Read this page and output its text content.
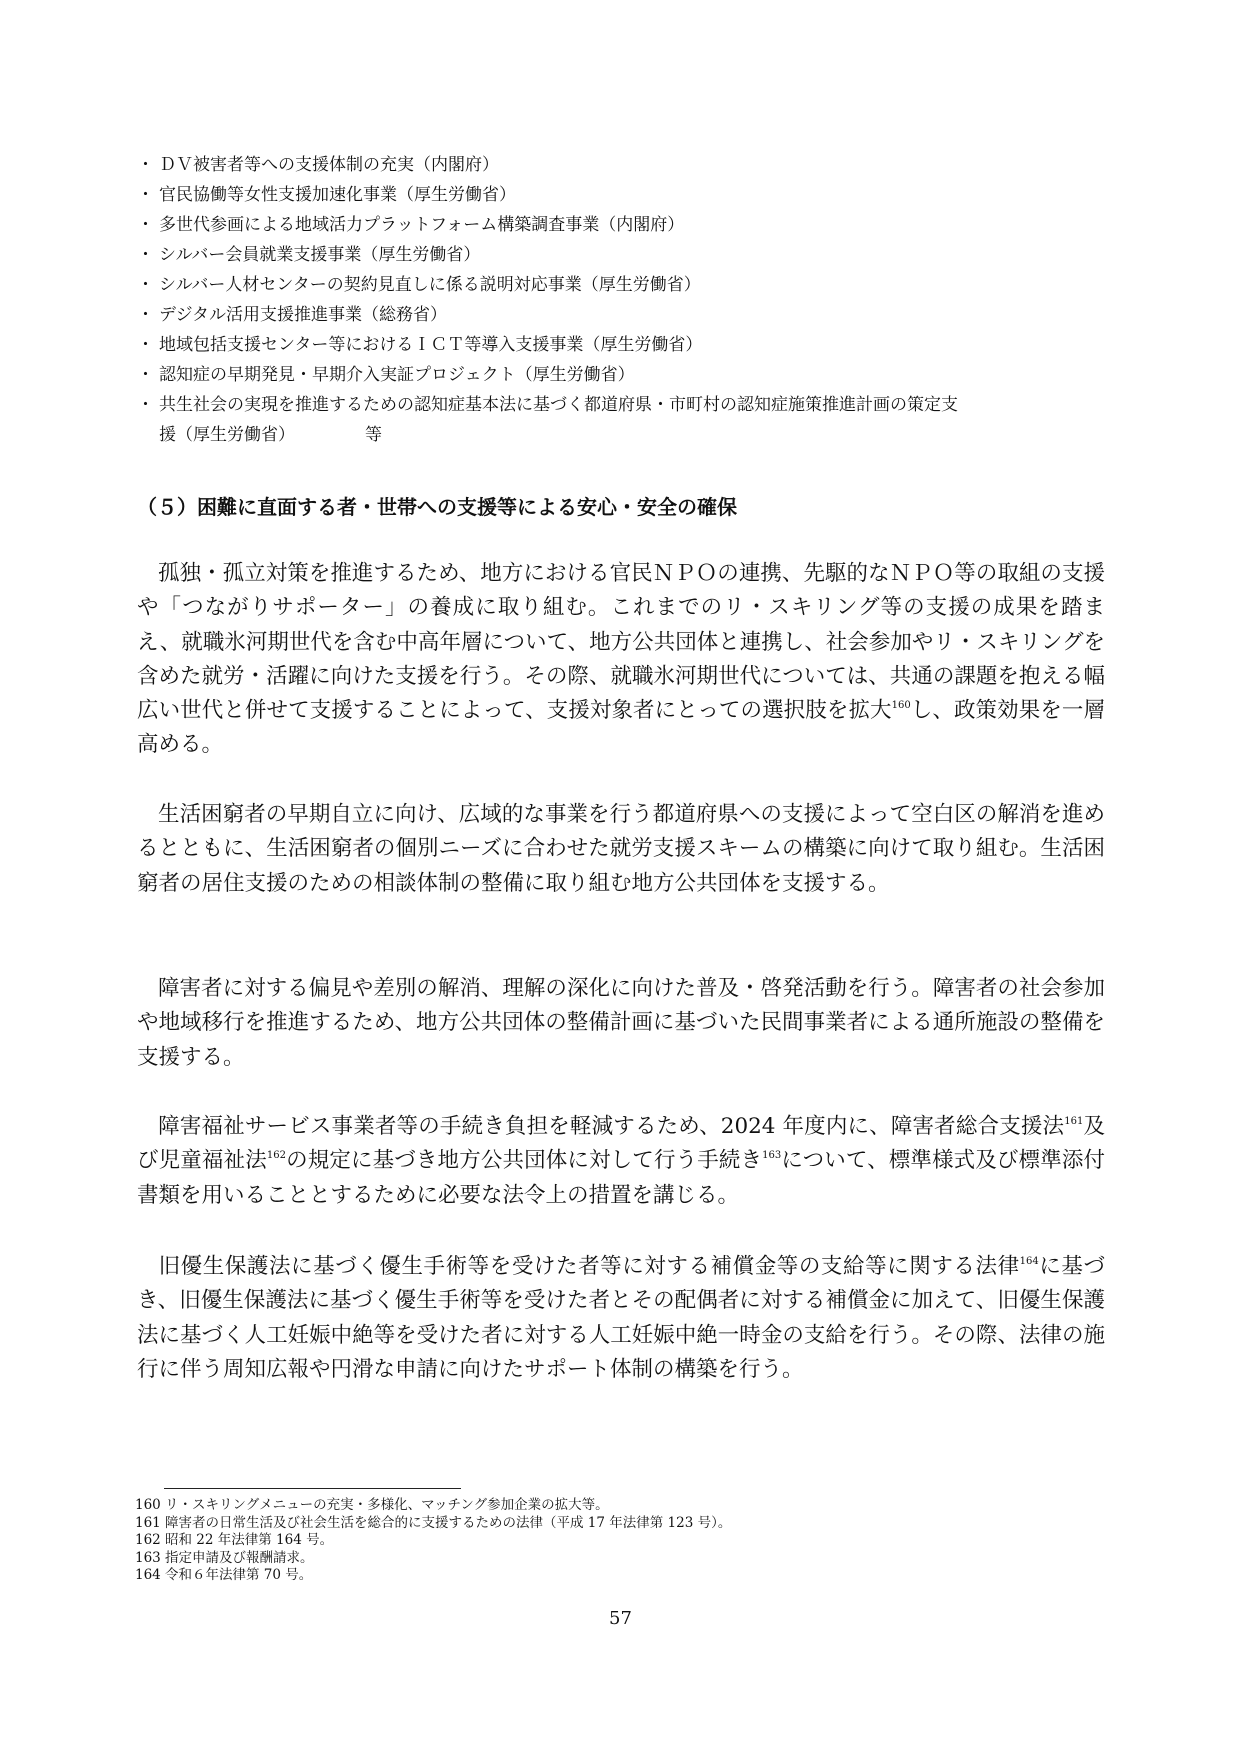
・ ＤＶ被害者等への支援体制の充実（内閣府）
・ 官民協働等女性支援加速化事業（厚生労働省）
・ 多世代参画による地域活力プラットフォーム構築調査事業（内閣府）
・ シルバー会員就業支援事業（厚生労働省）
・ シルバー人材センターの契約見直しに係る説明対応事業（厚生労働省）
・ デジタル活用支援推進事業（総務省）
・ 地域包括支援センター等におけるＩＣＴ等導入支援事業（厚生労働省）
・ 認知症の早期発見・早期介入実証プロジェクト（厚生労働省）
・ 共生社会の実現を推進するための認知症基本法に基づく都道府県・市町村の認知症施策推進計画の策定支
援（厚生労働省）	等
（５）困難に直面する者・世帯への支援等による安心・安全の確保

孤独・孤立対策を推進するため、地方における官民ＮＰＯの連携、先駆的なＮＰＯ等の取組の支援や「つながりサポーター」の養成に取り組む。これまでのリ・スキリング等の支援の成果を踏まえ、就職氷河期世代を含む中高年層について、地方公共団体と連携し、社会参加やリ・スキリングを含めた就労・活躍に向けた支援を行う。その際、就職氷河期世代については、共通の課題を抱える幅広い世代と併せて支援することによって、支援対象者にとっての選択肢を拡大$^{160}$し、政策効果を一層高める。

生活困窮者の早期自立に向け、広域的な事業を行う都道府県への支援によって空白区の解消を進めるとともに、生活困窮者の個別ニーズに合わせた就労支援スキームの構築に向けて取り組む。生活困窮者の居住支援のための相談体制の整備に取り組む地方公共団体を支援する。

障害者に対する偏見や差別の解消、理解の深化に向けた普及・啓発活動を行う。障害者の社会参加や地域移行を推進するため、地方公共団体の整備計画に基づいた民間事業者による通所施設の整備を支援する。

障害福祉サービス事業者等の手続き負担を軽減するため、2024 年度内に、障害者総合支援法$^{161}$及び児童福祉法$^{162}$の規定に基づき地方公共団体に対して行う手続き$^{163}$について、標準様式及び標準添付書類を用いることとするために必要な法令上の措置を講じる。

旧優生保護法に基づく優生手術等を受けた者等に対する補償金等の支給等に関する法律$^{164}$に基づき、旧優生保護法に基づく優生手術等を受けた者とその配偶者に対する補償金に加えて、旧優生保護法に基づく人工妊娠中絶等を受けた者に対する人工妊娠中絶一時金の支給を行う。その際、法律の施行に伴う周知広報や円滑な申請に向けたサポート体制の構築を行う。

160 リ・スキリングメニューの充実・多様化、マッチング参加企業の拡大等。
161 障害者の日常生活及び社会生活を総合的に支援するための法律（平成 17 年法律第 123 号）。
162 昭和 22 年法律第 164 号。
163 指定申請及び報酬請求。
164 令和６年法律第 70 号。
57
